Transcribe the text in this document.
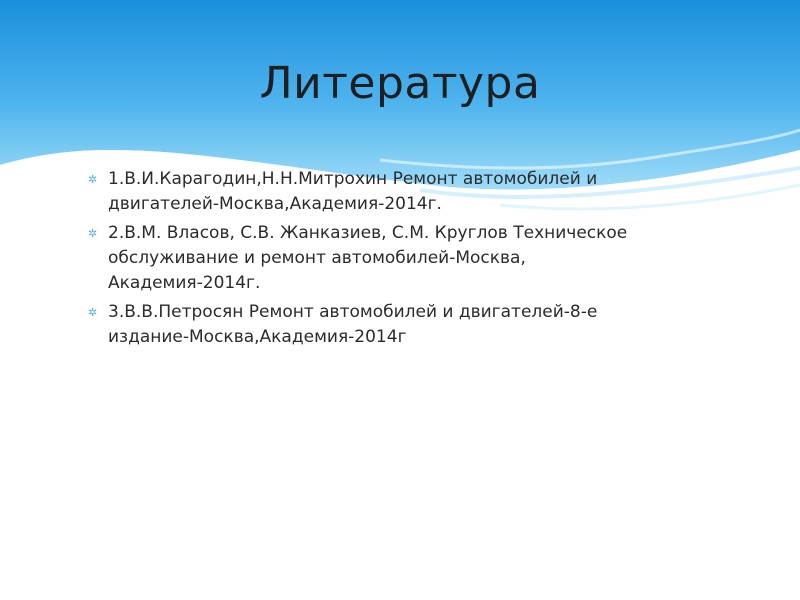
Литература
✲ 1.В.И.Карагодин,Н.Н.Митрохин Ремонт автомобилей и двигателей-Москва,Академия-2014г.
✲ 2.В.М. Власов, С.В. Жанказиев, С.М. Круглов Техническое обслуживание и ремонт автомобилей-Москва, Академия-2014г.
✲ 3.В.В.Петросян Ремонт автомобилей и двигателей-8-е издание-Москва,Академия-2014г
